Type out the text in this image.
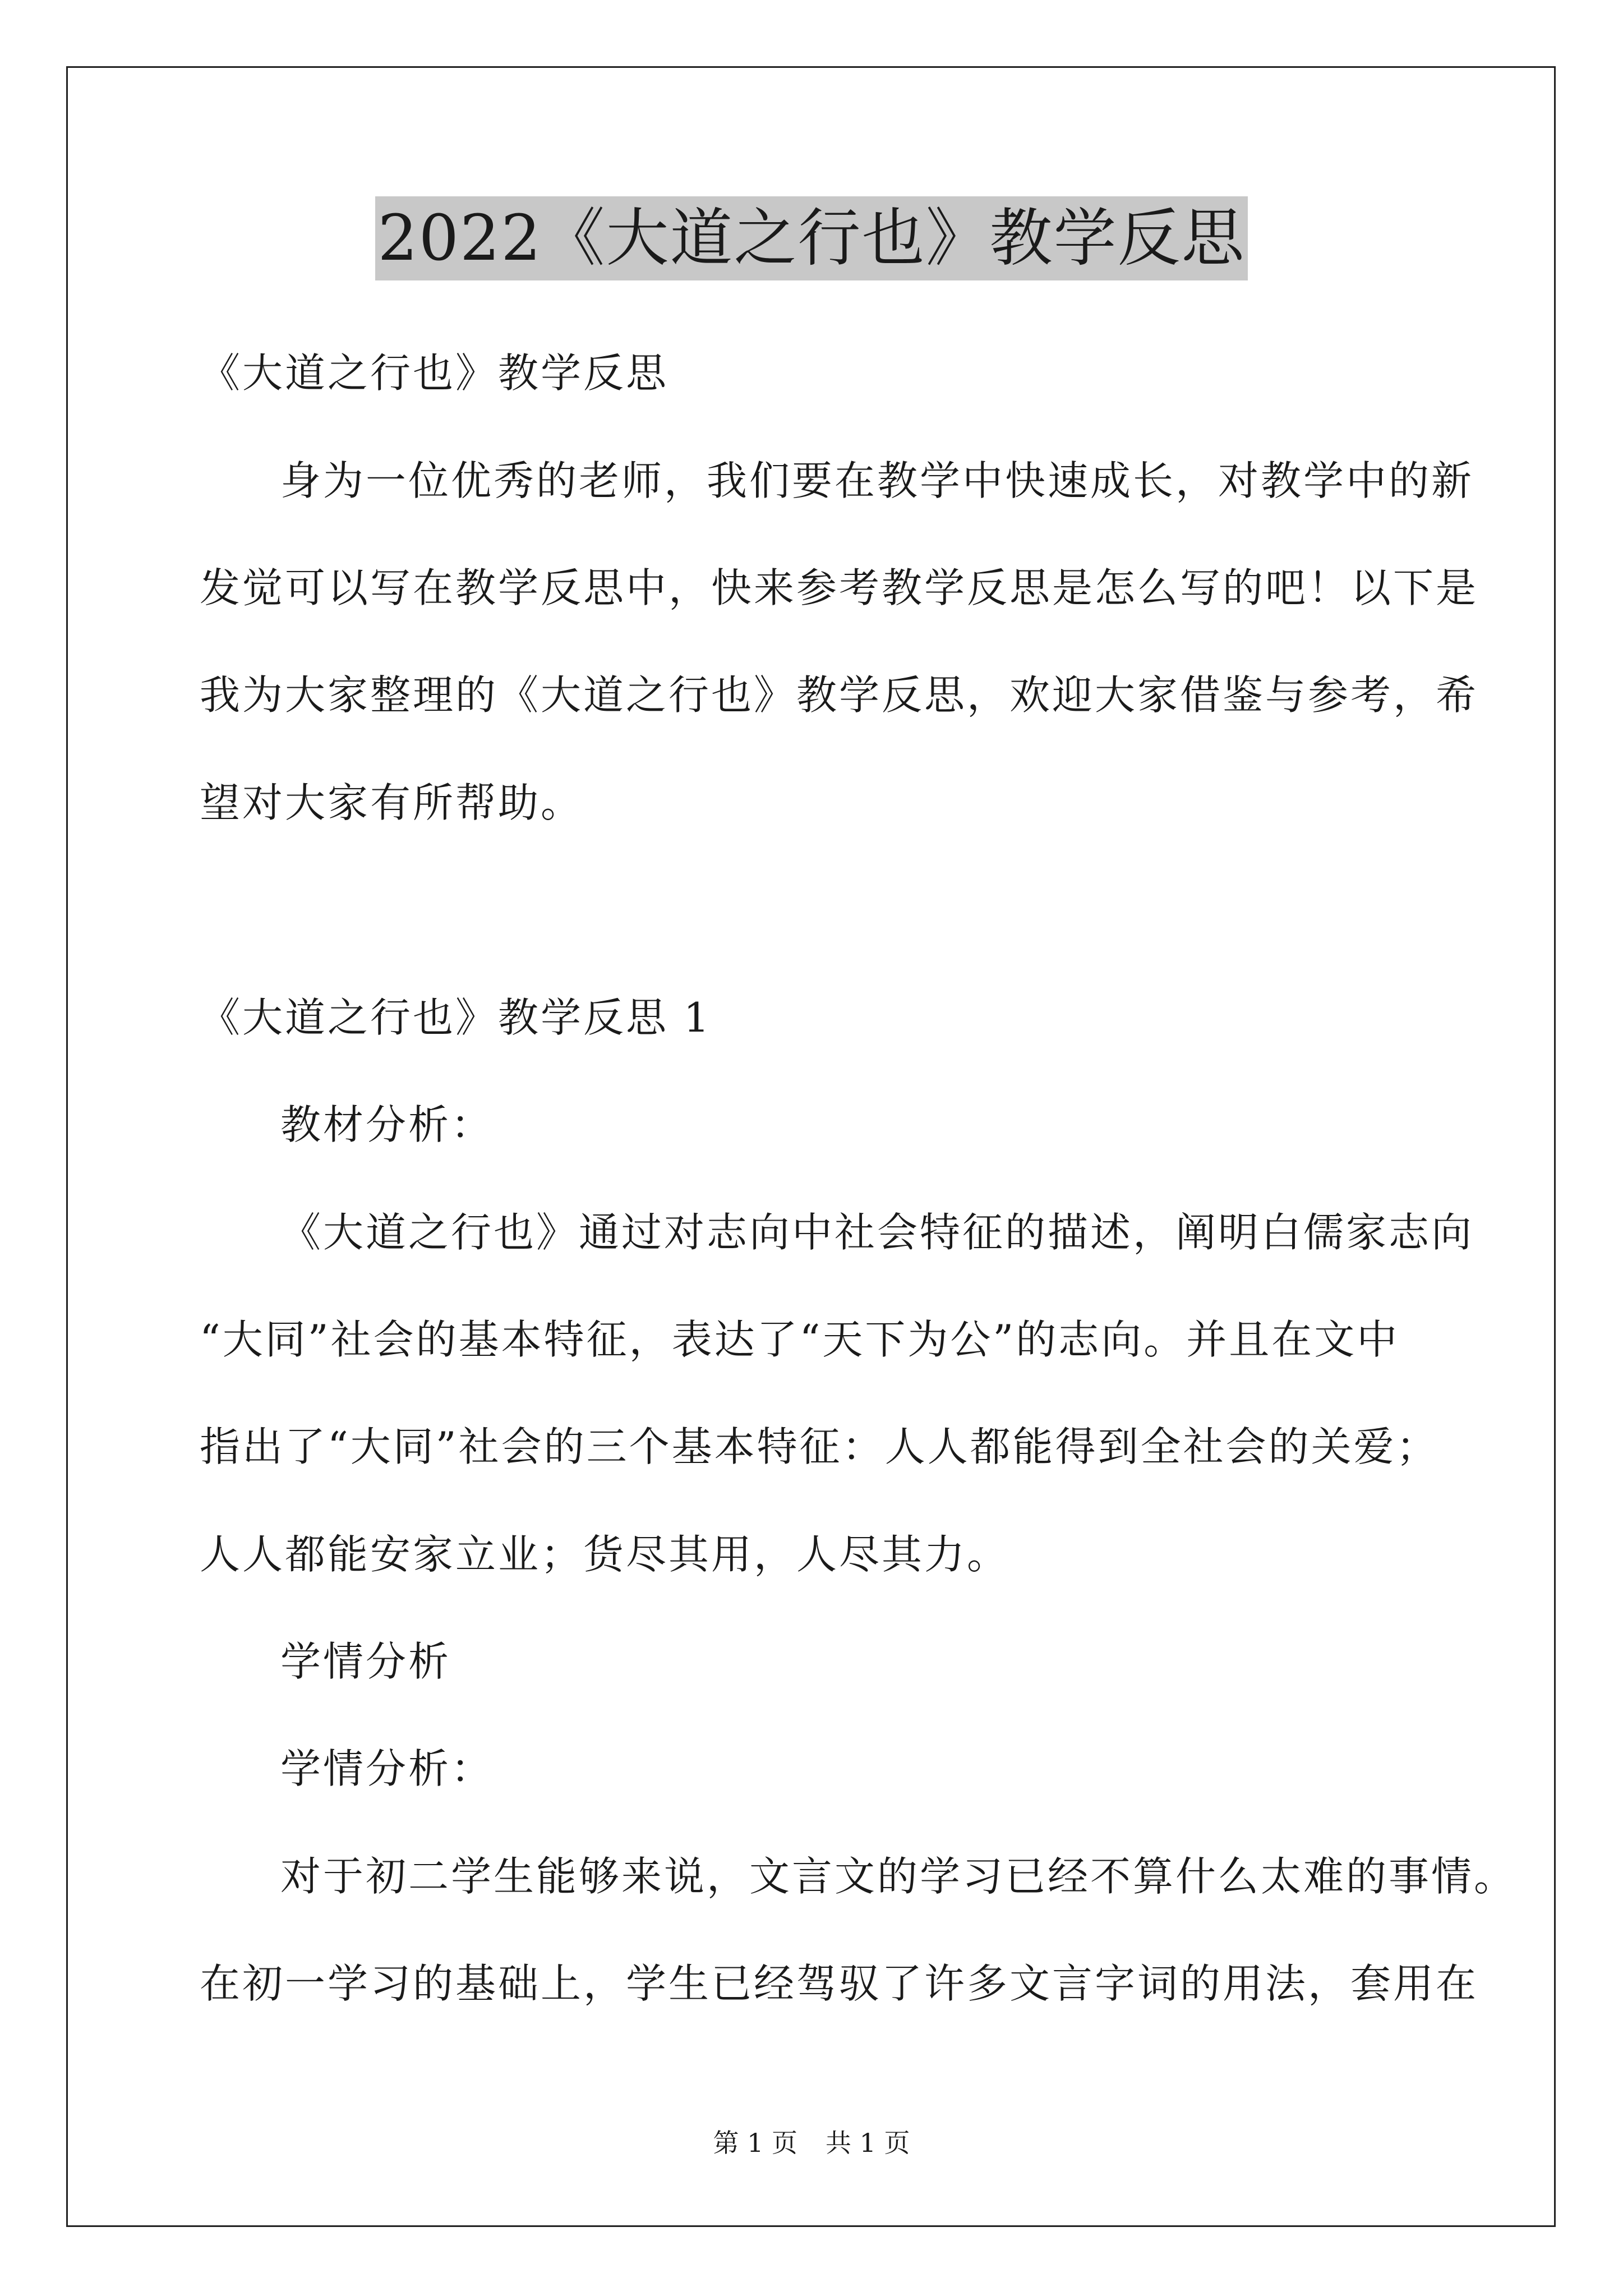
2022《大道之行也》教学反思
《大道之行也》教学反思
身为一位优秀的老师，我们要在教学中快速成长，对教学中的新
发觉可以写在教学反思中，快来参考教学反思是怎么写的吧！以下是
我为大家整理的《大道之行也》教学反思，欢迎大家借鉴与参考，希
望对大家有所帮助。
《大道之行也》教学反思 1
教材分析：
《大道之行也》通过对志向中社会特征的描述，阐明白儒家志向
“大同”社会的基本特征，表达了“天下为公”的志向。并且在文中
指出了“大同”社会的三个基本特征：人人都能得到全社会的关爱；
人人都能安家立业；货尽其用，人尽其力。
学情分析
学情分析：
对于初二学生能够来说，文言文的学习已经不算什么太难的事情。
在初一学习的基础上，学生已经驾驭了许多文言字词的用法，套用在
第 1 页 共 1 页
